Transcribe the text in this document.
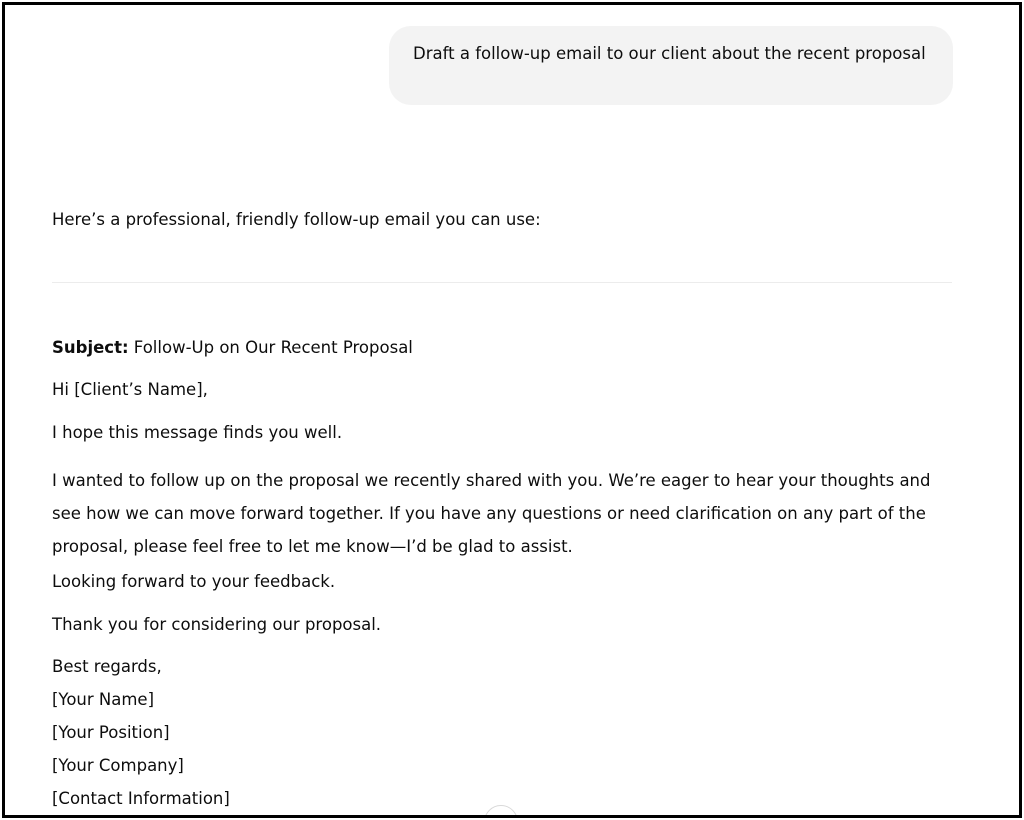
Draft a follow-up email to our client about the recent proposal
Here’s a professional, friendly follow-up email you can use:
Subject: Follow-Up on Our Recent Proposal
Hi [Client’s Name],
I hope this message finds you well.
I wanted to follow up on the proposal we recently shared with you. We’re eager to hear your thoughts and
see how we can move forward together. If you have any questions or need clarification on any part of the
proposal, please feel free to let me know—I’d be glad to assist.
Looking forward to your feedback.
Thank you for considering our proposal.
Best regards,
[Your Name]
[Your Position]
[Your Company]
[Contact Information]
